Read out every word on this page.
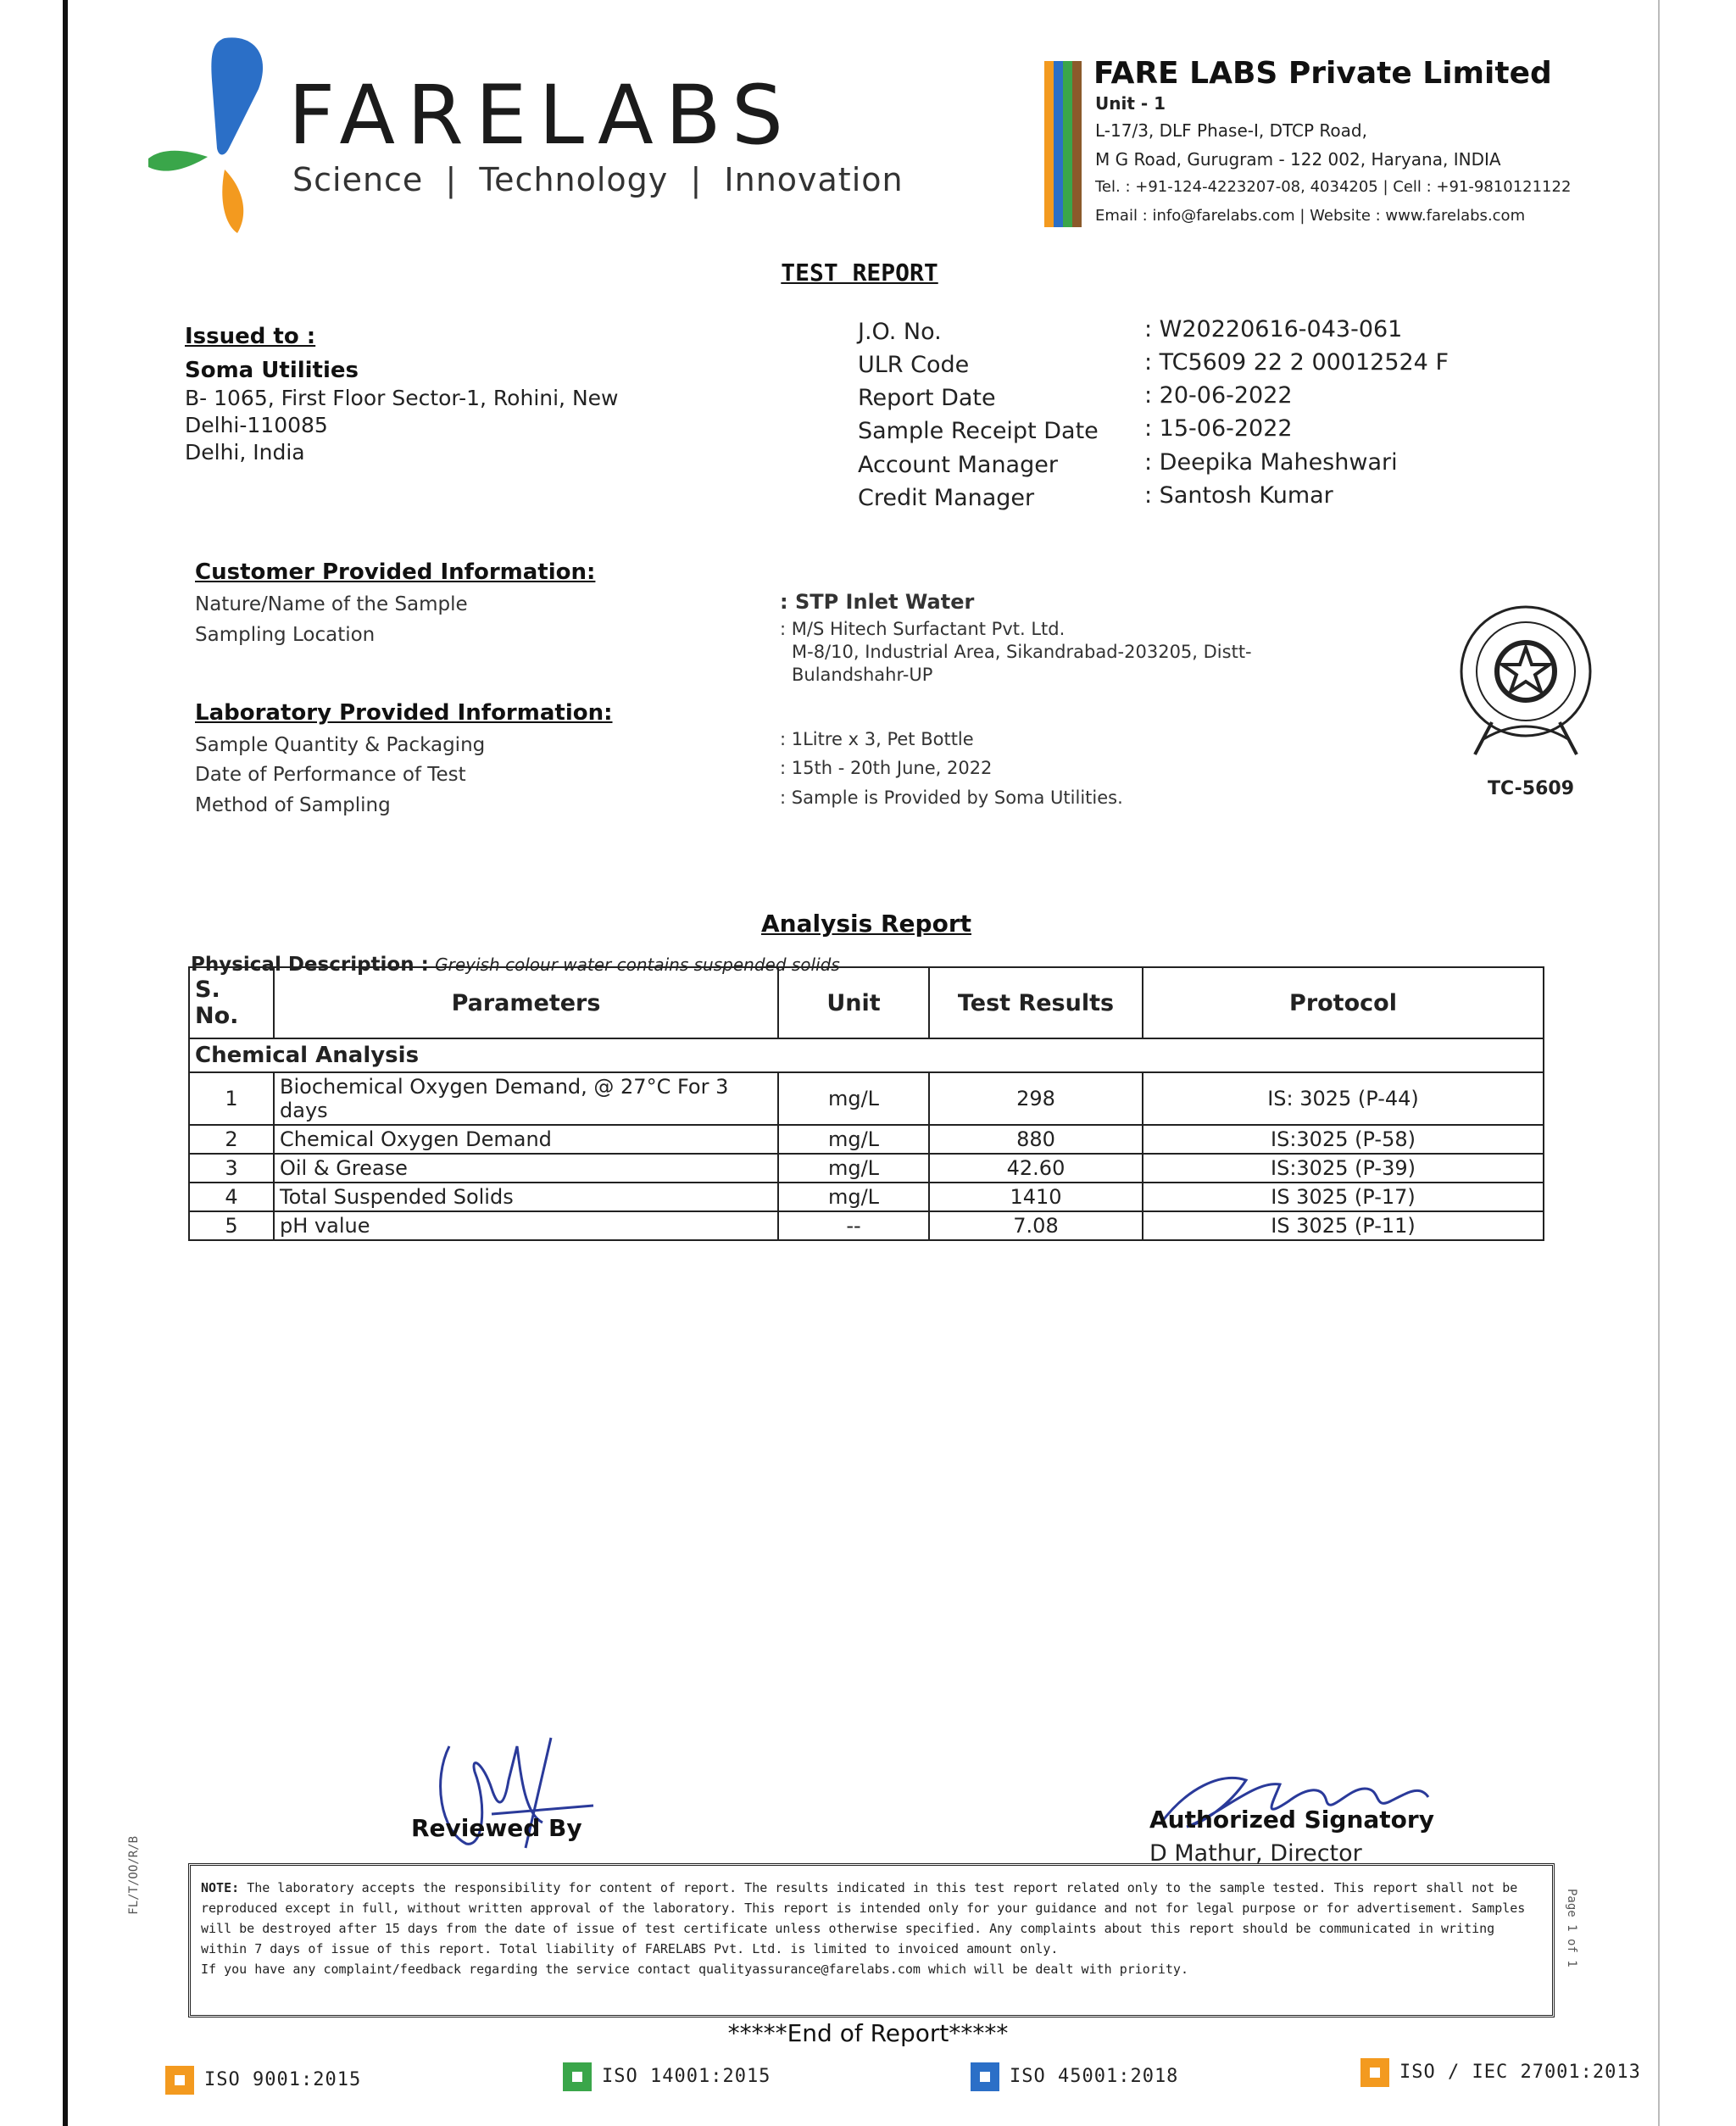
FARELABS
Science  |  Technology  |  Innovation
FARE LABS Private Limited
Unit - 1
L-17/3, DLF Phase-I, DTCP Road,
M G Road, Gurugram - 122 002, Haryana, INDIA
Tel. : +91-124-4223207-08, 4034205 | Cell : +91-9810121122
Email : info@farelabs.com | Website : www.farelabs.com
TEST REPORT
Issued to :
Soma Utilities
B- 1065, First Floor Sector-1, Rohini, New
Delhi-110085
Delhi, India
J.O. No.	: W20220616-043-061
ULR Code	: TC5609 22 2 00012524 F
Report Date	: 20-06-2022
Sample Receipt Date : 15-06-2022
Account Manager	: Deepika Maheshwari
Credit Manager	: Santosh Kumar
Customer Provided Information:
Nature/Name of the Sample	: STP Inlet Water
Sampling Location	: M/S Hitech Surfactant Pvt. Ltd.
M-8/10, Industrial Area, Sikandrabad-203205, Distt-
Bulandshahr-UP
Laboratory Provided Information:
Sample Quantity & Packaging	: 1Litre x 3, Pet Bottle
Date of Performance of Test	: 15th - 20th June, 2022
Method of Sampling	: Sample is Provided by Soma Utilities.	TC-5609
Analysis Report
Physical Description : Greyish colour water contains suspended solids
S. No.	Parameters	Unit	Test Results	Protocol
Chemical Analysis				
1	Biochemical Oxygen Demand, @ 27°C For 3
days	mg/L	298	IS: 3025 (P-44)
2	Chemical Oxygen Demand	mg/L	880	IS:3025 (P-58)
3	Oil & Grease	mg/L	42.60	IS:3025 (P-39)
4	Total Suspended Solids	mg/L	1410	IS 3025 (P-17)
5	pH value	--	7.08	IS 3025 (P-11)
Reviewed By	Authorized Signatory
D Mathur, Director
NOTE: The laboratory accepts the responsibility for content of report. The results indicated in this test report related only to the sample tested. This report shall not be reproduced except in full, without written approval of the laboratory. This report is intended only for your guidance and not for legal purpose or for advertisement. Samples will be destroyed after 15 days from the date of issue of test certificate unless otherwise specified. Any complaints about this report should be communicated in writing within 7 days of issue of this report. Total liability of FARELABS Pvt. Ltd. is limited to invoiced amount only.
If you have any complaint/feedback regarding the service contact qualityassurance@farelabs.com which will be dealt with priority.
Page 1 of 1
FL/T/OO/R/B
*****End of Report*****
ISO 9001:2015	ISO 14001:2015	ISO 45001:2018	ISO / IEC 27001:2013
